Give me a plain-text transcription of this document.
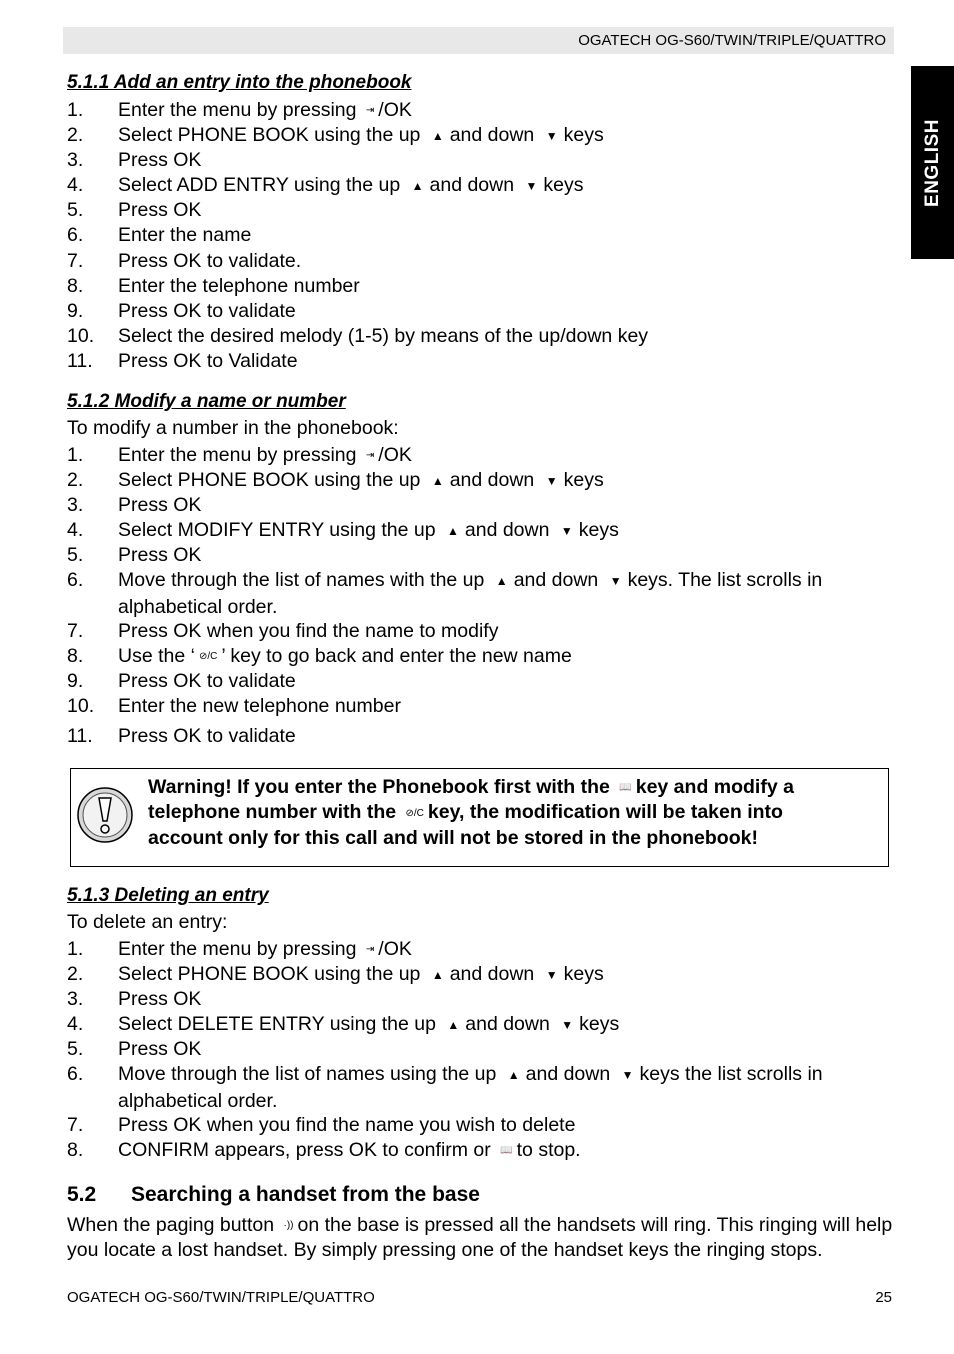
OGATECH OG-S60/TWIN/TRIPLE/QUATTRO
ENGLISH
5.1.1 Add an entry into the phonebook
1.	Enter the menu by pressing ⇥ /OK
2.	Select PHONE BOOK using the up ▲ and down ▼ keys
3.	Press OK
4.	Select ADD ENTRY using the up ▲ and down ▼ keys
5.	Press OK
6.	Enter the name
7.	Press OK to validate.
8.	Enter the telephone number
9.	Press OK to validate
10.	Select the desired melody (1-5) by means of the up/down key
11.	Press OK to Validate
5.1.2 Modify a name or number
To modify a number in the phonebook:
1.	Enter the menu by pressing ⇥ /OK
2.	Select PHONE BOOK using the up ▲ and down ▼ keys
3.	Press OK
4.	Select MODIFY ENTRY using the up ▲ and down ▼ keys
5.	Press OK
6.	Move through the list of names with the up ▲ and down ▼ keys. The list scrolls in alphabetical order.
7.	Press OK when you find the name to modify
8.	Use the ‘ ⊘/C ’ key to go back and enter the new name
9.	Press OK to validate
10.	Enter the new telephone number
11.	Press OK to validate
Warning! If you enter the Phonebook first with the 📖 key and modify a telephone number with the ⊘/C key, the modification will be taken into account only for this call and will not be stored in the phonebook!
5.1.3 Deleting an entry
To delete an entry:
1.	Enter the menu by pressing ⇥ /OK
2.	Select PHONE BOOK using the up ▲ and down ▼ keys
3.	Press OK
4.	Select DELETE ENTRY using the up ▲ and down ▼ keys
5.	Press OK
6.	Move through the list of names using the up ▲ and down ▼ keys the list scrolls in alphabetical order.
7.	Press OK when you find the name you wish to delete
8.	CONFIRM appears, press OK to confirm or 📖 to stop.
5.2 Searching a handset from the base
When the paging button ·)) on the base is pressed all the handsets will ring. This ringing will help you locate a lost handset. By simply pressing one of the handset keys the ringing stops.
OGATECH OG-S60/TWIN/TRIPLE/QUATTRO	25
